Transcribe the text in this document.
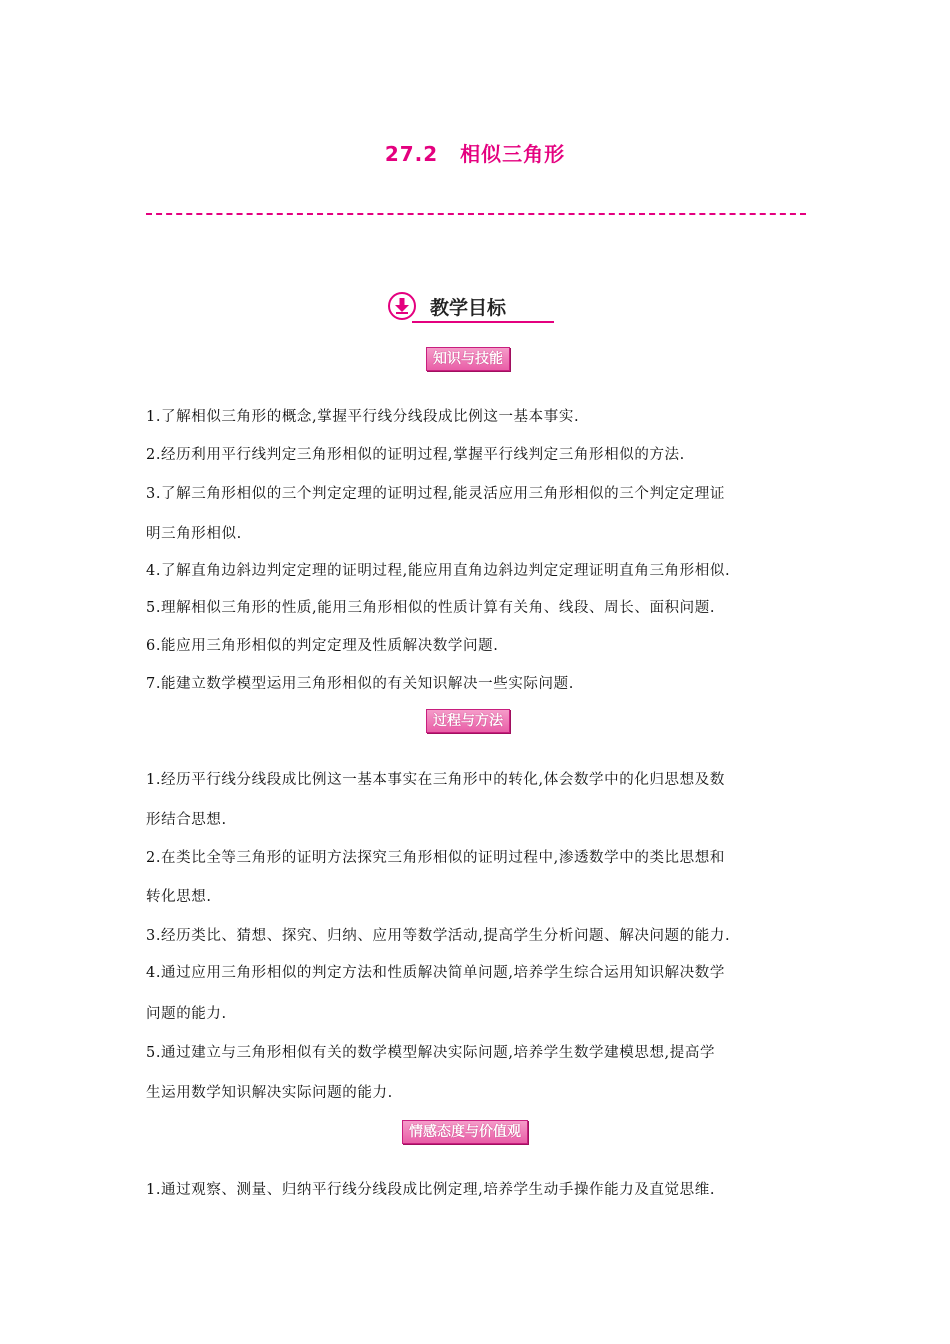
27.2 相似三角形
教学目标
知识与技能
1.了解相似三角形的概念,掌握平行线分线段成比例这一基本事实.
2.经历利用平行线判定三角形相似的证明过程,掌握平行线判定三角形相似的方法.
3.了解三角形相似的三个判定定理的证明过程,能灵活应用三角形相似的三个判定定理证
明三角形相似.
4.了解直角边斜边判定定理的证明过程,能应用直角边斜边判定定理证明直角三角形相似.
5.理解相似三角形的性质,能用三角形相似的性质计算有关角、线段、周长、面积问题.
6.能应用三角形相似的判定定理及性质解决数学问题.
7.能建立数学模型运用三角形相似的有关知识解决一些实际问题.
过程与方法
1.经历平行线分线段成比例这一基本事实在三角形中的转化,体会数学中的化归思想及数
形结合思想.
2.在类比全等三角形的证明方法探究三角形相似的证明过程中,渗透数学中的类比思想和
转化思想.
3.经历类比、猜想、探究、归纳、应用等数学活动,提高学生分析问题、解决问题的能力.
4.通过应用三角形相似的判定方法和性质解决简单问题,培养学生综合运用知识解决数学
问题的能力.
5.通过建立与三角形相似有关的数学模型解决实际问题,培养学生数学建模思想,提高学
生运用数学知识解决实际问题的能力.
情感态度与价值观
1.通过观察、测量、归纳平行线分线段成比例定理,培养学生动手操作能力及直觉思维.
